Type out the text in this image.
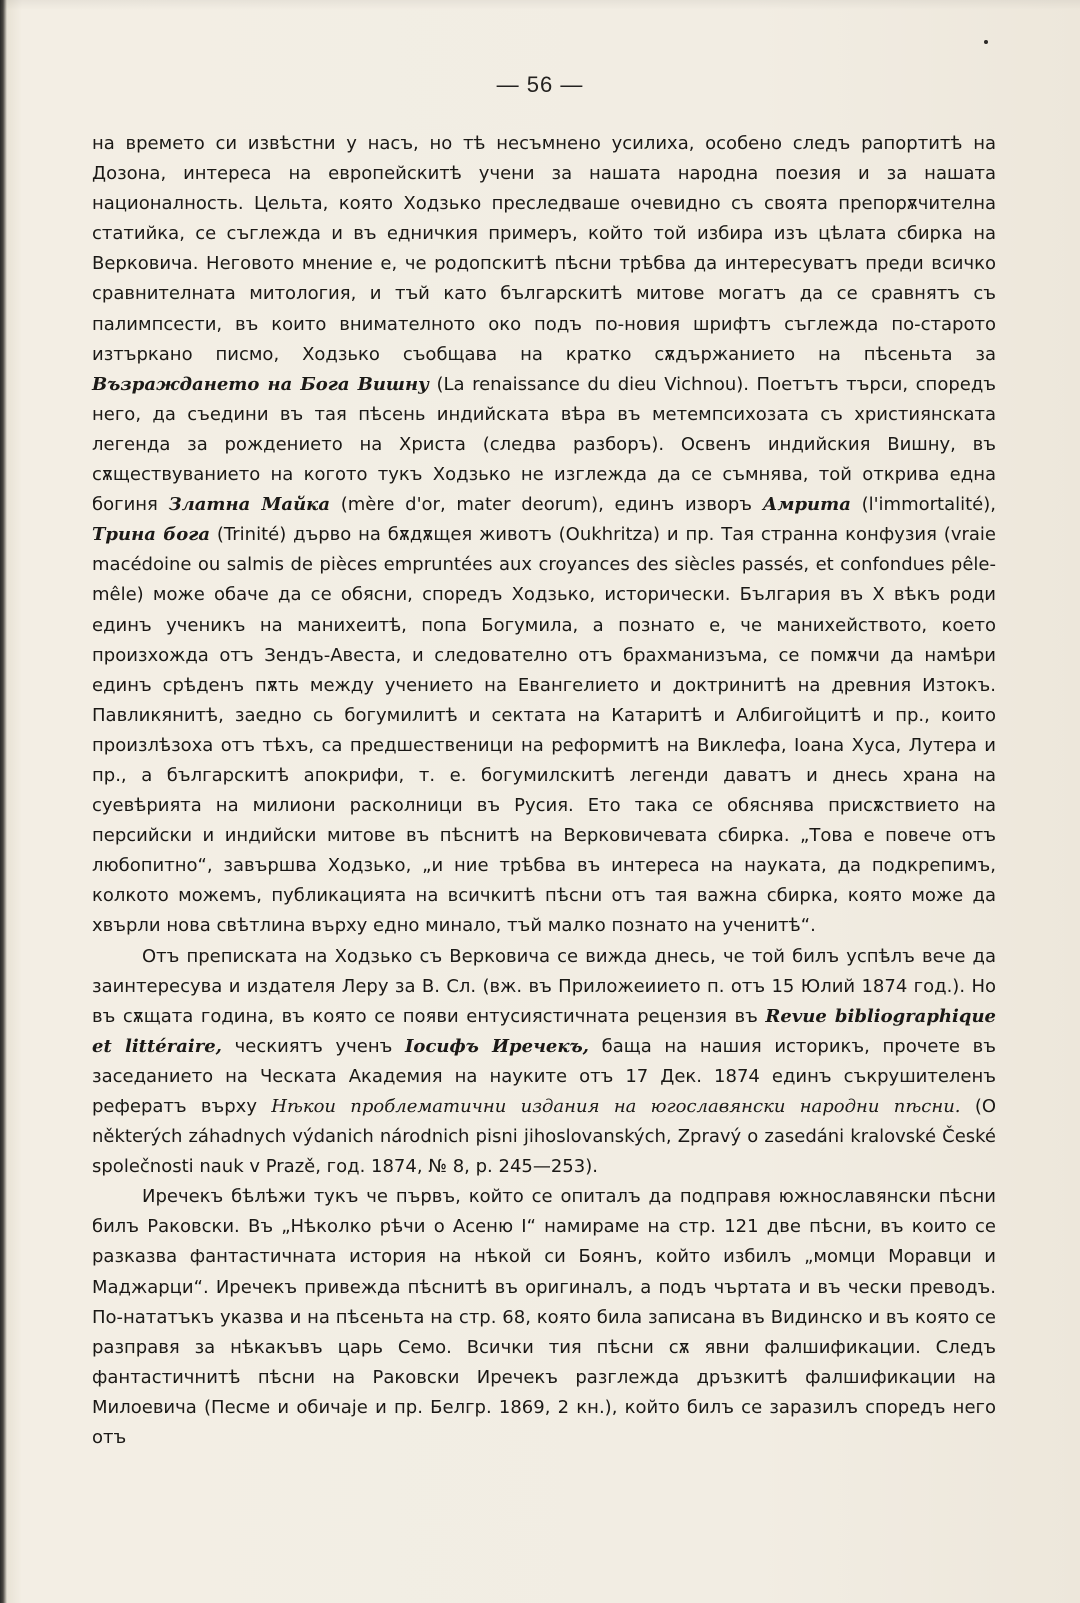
— 56 —

на времето си извѣстни у насъ, но тѣ несъмнено усилиха, особено следъ рапортитѣ на Дозона, интереса на европейскитѣ учени за нашата народна поезия и за нашата националность. Цельта, която Ходзько преследваше очевидно съ своята препорѫчителна статийка, се съглежда и въ едничкия примеръ, който той избира изъ цѣлата сбирка на Верковича. Неговото мнение е, че родопскитѣ пѣсни трѣбва да интересуватъ преди всичко сравнителната митология, и тъй като българскитѣ митове могатъ да се сравнятъ съ палимпсести, въ които внимателното око подъ по-новия шрифтъ съглежда по-старото изтъркано писмо, Ходзько съобщава на кратко сѫдържанието на пѣсеньта за Възраждането на Бога Вишну (La renaissance du dieu Vichnou). Поетътъ търси, споредъ него, да съедини въ тая пѣсень индийската вѣра въ метемпсихозата съ християнската легенда за рождението на Христа (следва разборъ). Освенъ индийския Вишну, въ сѫществуванието на когото тукъ Ходзько не изглежда да се съмнява, той открива една богиня Златна Майка (mère d'or, mater deorum), единъ изворъ Амрита (l'immortalité), Трина бога (Trinité) дърво на бѫдѫщея животъ (Oukhritza) и пр. Тая странна конфузия (vraie macédoine ou salmis de pièces empruntées aux croyances des siècles passés, et confondues pêle-mêle) може обаче да се обясни, споредъ Ходзько, исторически. България въ X вѣкъ роди единъ ученикъ на манихеитѣ, попа Богумила, а познато е, че манихейството, което произхожда отъ Зендъ-Авеста, и следователно отъ брахманизъма, се помѫчи да намѣри единъ срѣденъ пѫть между учението на Евангелието и доктринитѣ на древния Изтокъ. Павликянитѣ, заедно сь богумилитѣ и сектата на Катаритѣ и Албигойцитѣ и пр., които произлѣзоха отъ тѣхъ, са предшественици на реформитѣ на Виклефа, Іоана Хуса, Лутера и пр., а българскитѣ апокрифи, т. е. богумилскитѣ легенди даватъ и днесь храна на суевѣрията на милиони расколници въ Русия. Ето така се обяснява присѫствието на персийски и индийски митове въ пѣснитѣ на Верковичевата сбирка. „Това е повече отъ любопитно“, завършва Ходзько, „и ние трѣбва въ интереса на науката, да подкрепимъ, колкото можемъ, публикацията на всичкитѣ пѣсни отъ тая важна сбирка, която може да хвърли нова свѣтлина върху едно минало, тъй малко познато на ученитѣ“.

Отъ преписката на Ходзько съ Верковича се вижда днесь, че той билъ успѣлъ вече да заинтересува и издателя Леру за В. Сл. (вж. въ Приложеиието п. отъ 15 Юлий 1874 год.). Но въ сѫщата година, въ която се появи ентусиястичната рецензия въ Revue bibliographique et littéraire, ческиятъ ученъ Іосифъ Иречекъ, баща на нашия историкъ, прочете въ заседанието на Ческата Академия на науките отъ 17 Дек. 1874 единъ съкрушителенъ рефератъ върху Нѣкои проблематични издания на югославянски народни пѣсни. (O některých záhadnych výdanich národnich pisni jihoslovanských, Zpravý o zasedáni kralovské České společnosti nauk v Prazě, год. 1874, № 8, р. 245—253).

Иречекъ бѣлѣжи тукъ че първъ, който се опиталъ да подправя южнославянски пѣсни билъ Раковски. Въ „Нѣколко рѣчи о Асеню I“ намираме на стр. 121 две пѣсни, въ които се разказва фантастичната история на нѣкой си Боянъ, който избилъ „момци Моравци и Маджарци“. Иречекъ привежда пѣснитѣ въ оригиналъ, а подъ чъртата и въ чески преводъ. По-нататъкъ указва и на пѣсеньта на стр. 68, която била записана въ Видинско и въ която се разправя за нѣкакъвъ царь Семо. Всички тия пѣсни сѫ явни фалшификации. Следъ фантастичнитѣ пѣсни на Раковски Иречекъ разглежда дръзкитѣ фалшификации на Милоевича (Песме и обичаjе и пр. Белгр. 1869, 2 кн.), който билъ се заразилъ споредъ него отъ
